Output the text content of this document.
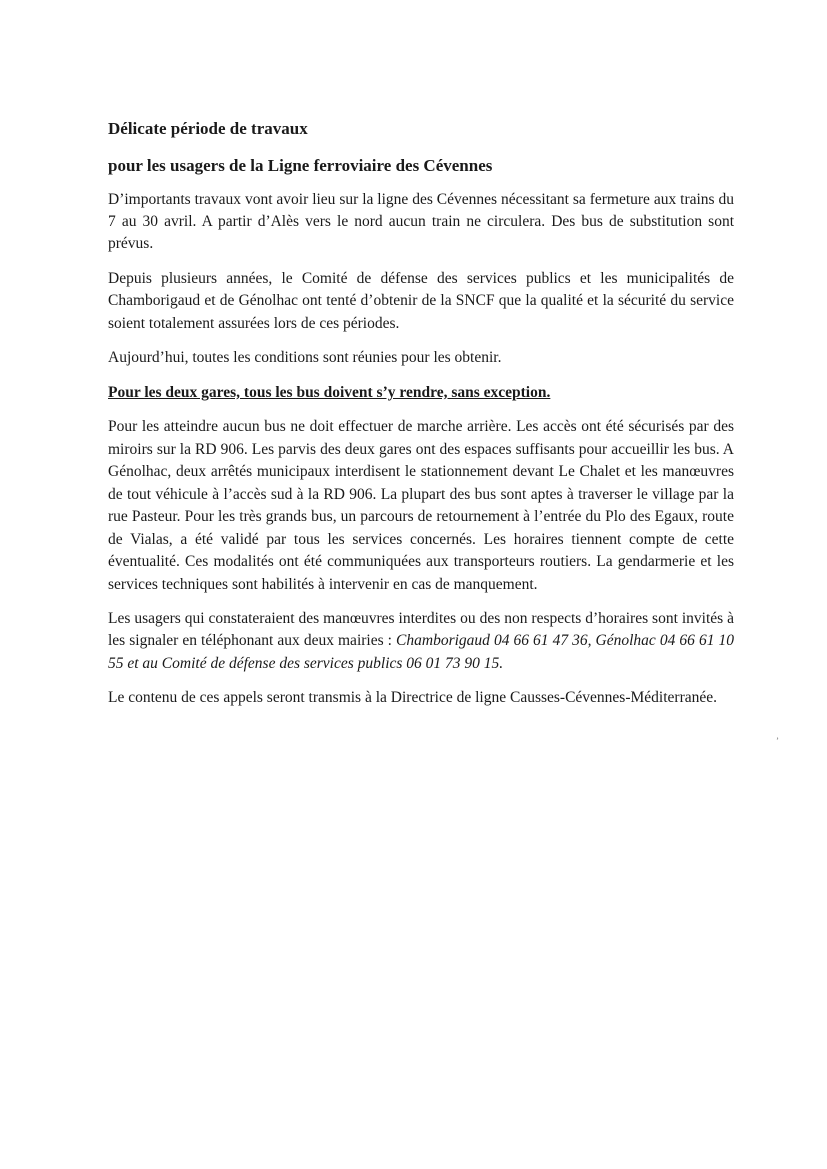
Délicate période de travaux
pour les usagers de la Ligne ferroviaire des Cévennes

D’importants travaux vont avoir lieu sur la ligne des Cévennes nécessitant sa fermeture aux trains du 7 au 30 avril. A partir d’Alès vers le nord aucun train ne circulera. Des bus de substitution sont prévus.

Depuis plusieurs années, le Comité de défense des services publics et les municipalités de Chamborigaud et de Génolhac ont tenté d’obtenir de la SNCF que la qualité et la sécurité du service soient totalement assurées lors de ces périodes.

Aujourd’hui, toutes les conditions sont réunies pour les obtenir.

Pour les deux gares, tous les bus doivent s’y rendre, sans exception.

Pour les atteindre aucun bus ne doit effectuer de marche arrière. Les accès ont été sécurisés par des miroirs sur la RD 906. Les parvis des deux gares ont des espaces suffisants pour accueillir les bus. A Génolhac, deux arrêtés municipaux interdisent le stationnement devant Le Chalet et les manœuvres de tout véhicule à l’accès sud à la RD 906. La plupart des bus sont aptes à traverser le village par la rue Pasteur. Pour les très grands bus, un parcours de retournement à l’entrée du Plo des Egaux, route de Vialas, a été validé par tous les services concernés. Les horaires tiennent compte de cette éventualité. Ces modalités ont été communiquées aux transporteurs routiers. La gendarmerie et les services techniques sont habilités à intervenir en cas de manquement.

Les usagers qui constateraient des manœuvres interdites ou des non respects d’horaires sont invités à les signaler en téléphonant aux deux mairies : Chamborigaud 04 66 61 47 36, Génolhac 04 66 61 10 55 et au Comité de défense des services publics 06 01 73 90 15.

Le contenu de ces appels seront transmis à la Directrice de ligne Causses-Cévennes-Méditerranée.

’
